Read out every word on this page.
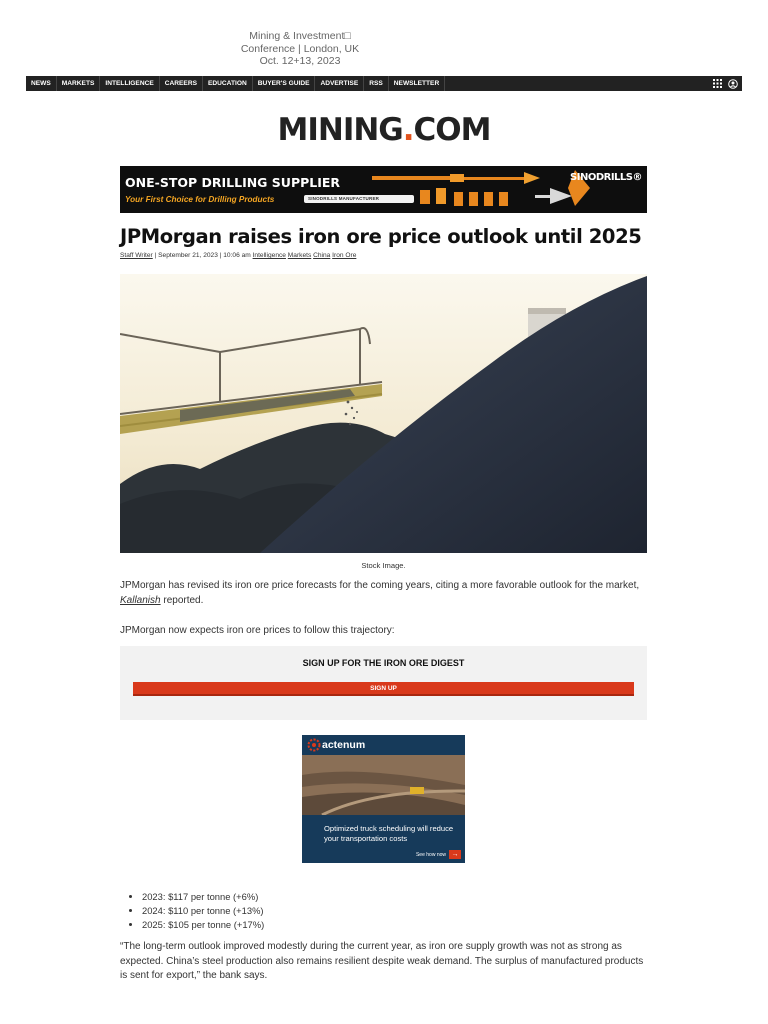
Mining & Investment□
Conference | London, UK
Oct. 12+13, 2023
NEWS	MARKETS	INTELLIGENCE	CAREERS	EDUCATION	BUYER'S GUIDE	ADVERTISE	RSS	NEWSLETTER
MINING.COM
ONE-STOP DRILLING SUPPLIER
Your First Choice for Drilling Products
SINODRILLS®
SINODRILLS MANUFACTURER
JPMorgan raises iron ore price outlook until 2025
Staff Writer | September 21, 2023 | 10:06 am Intelligence Markets China Iron Ore
Stock Image.
JPMorgan has revised its iron ore price forecasts for the coming years, citing a more favorable outlook for the market, Kallanish reported.
JPMorgan now expects iron ore prices to follow this trajectory:
SIGN UP FOR THE IRON ORE DIGEST
SIGN UP
actenum
Optimized truck scheduling will reduce your transportation costs
See how now →
• 2023: $117 per tonne (+6%)
• 2024: $110 per tonne (+13%)
• 2025: $105 per tonne (+17%)
“The long-term outlook improved modestly during the current year, as iron ore supply growth was not as strong as expected. China’s steel production also remains resilient despite weak demand. The surplus of manufactured products is sent for export,” the bank says.
